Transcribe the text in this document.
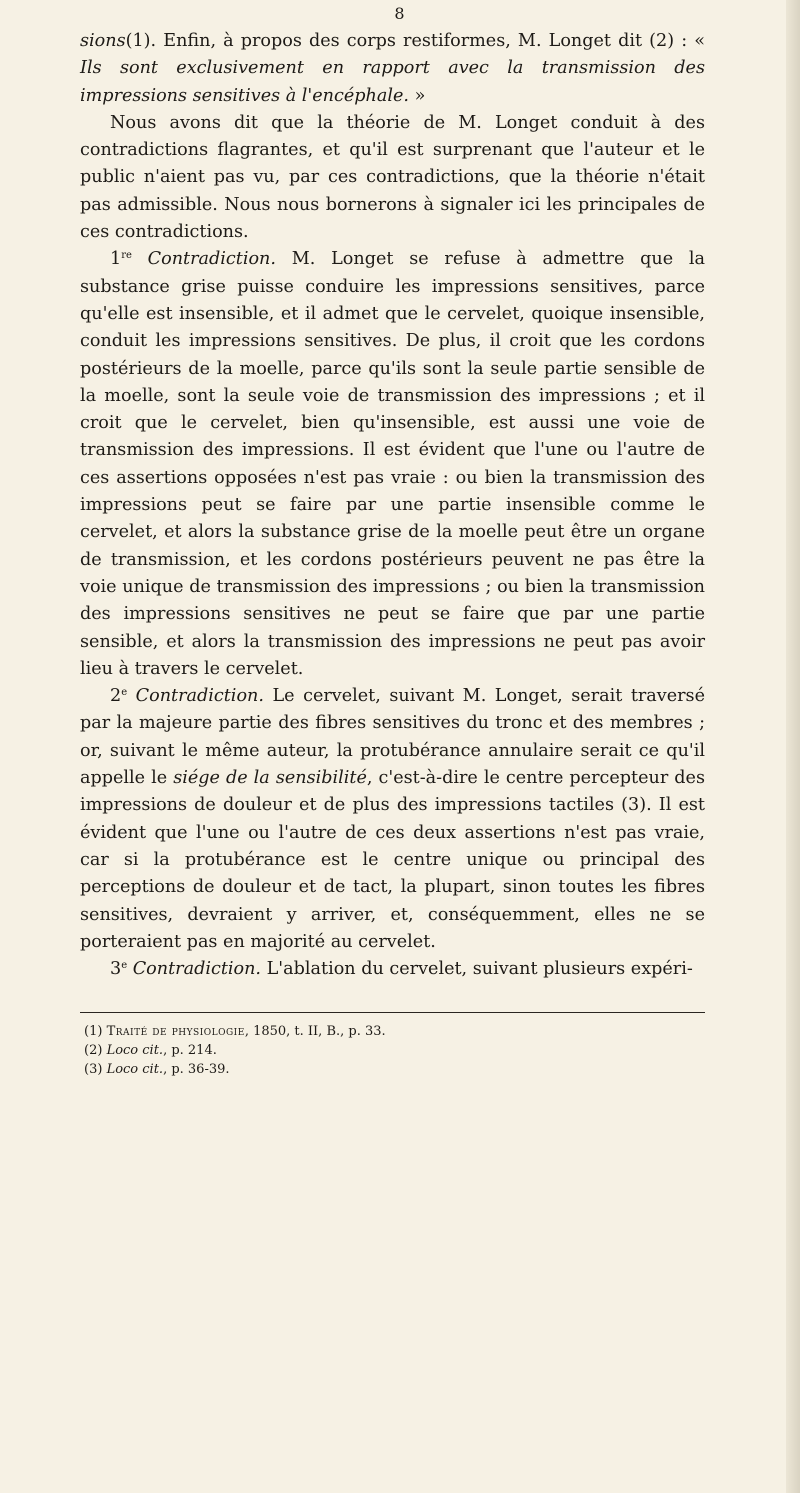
8

sions(1). Enfin, à propos des corps restiformes, M. Longet dit (2) : « Ils sont exclusivement en rapport avec la transmission des impressions sensitives à l'encéphale. »

Nous avons dit que la théorie de M. Longet conduit à des contradictions flagrantes, et qu'il est surprenant que l'auteur et le public n'aient pas vu, par ces contradictions, que la théorie n'était pas admissible. Nous nous bornerons à signaler ici les principales de ces contradictions.

1re Contradiction. M. Longet se refuse à admettre que la substance grise puisse conduire les impressions sensitives, parce qu'elle est insensible, et il admet que le cervelet, quoique insensible, conduit les impressions sensitives. De plus, il croit que les cordons postérieurs de la moelle, parce qu'ils sont la seule partie sensible de la moelle, sont la seule voie de transmission des impressions ; et il croit que le cervelet, bien qu'insensible, est aussi une voie de transmission des impressions. Il est évident que l'une ou l'autre de ces assertions opposées n'est pas vraie : ou bien la transmission des impressions peut se faire par une partie insensible comme le cervelet, et alors la substance grise de la moelle peut être un organe de transmission, et les cordons postérieurs peuvent ne pas être la voie unique de transmission des impressions ; ou bien la transmission des impressions sensitives ne peut se faire que par une partie sensible, et alors la transmission des impressions ne peut pas avoir lieu à travers le cervelet.

2e Contradiction. Le cervelet, suivant M. Longet, serait traversé par la majeure partie des fibres sensitives du tronc et des membres ; or, suivant le même auteur, la protubérance annulaire serait ce qu'il appelle le siége de la sensibilité, c'est-à-dire le centre percepteur des impressions de douleur et de plus des impressions tactiles (3). Il est évident que l'une ou l'autre de ces deux assertions n'est pas vraie, car si la protubérance est le centre unique ou principal des perceptions de douleur et de tact, la plupart, sinon toutes les fibres sensitives, devraient y arriver, et, conséquemment, elles ne se porteraient pas en majorité au cervelet.

3e Contradiction. L'ablation du cervelet, suivant plusieurs expéri-

(1) Traité de physiologie, 1850, t. II, B., p. 33.

(2) Loco cit., p. 214.

(3) Loco cit., p. 36-39.
